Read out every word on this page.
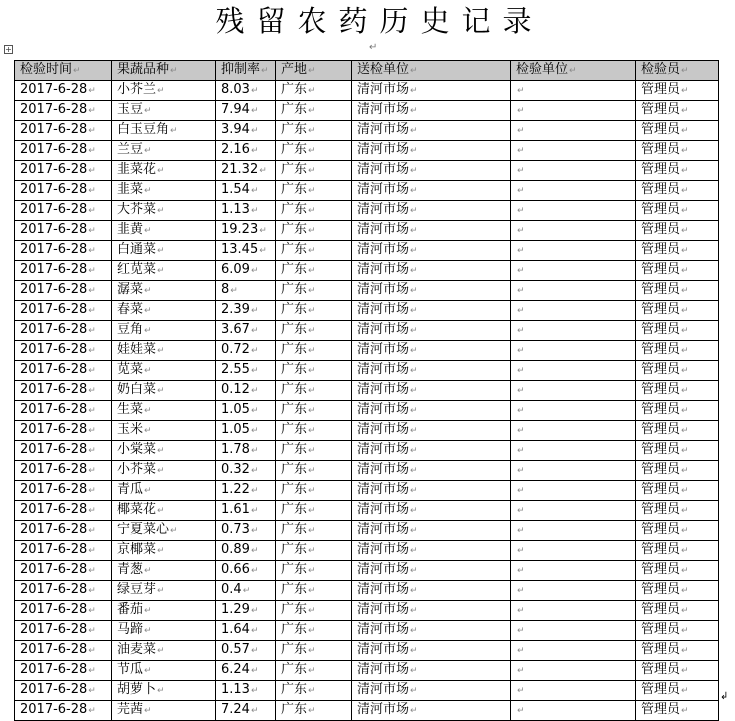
残留农药历史记录
+	↵
检验时间↵	果蔬品种↵	抑制率↵	产地↵	送检单位↵	检验单位↵	检验员↵
2017-6-28↵	小芥兰↵	8.03↵	广东↵	清河市场↵	↵	管理员↵
2017-6-28↵	玉豆↵	7.94↵	广东↵	清河市场↵	↵	管理员↵
2017-6-28↵	白玉豆角↵	3.94↵	广东↵	清河市场↵	↵	管理员↵
2017-6-28↵	兰豆↵	2.16↵	广东↵	清河市场↵	↵	管理员↵
2017-6-28↵	韭菜花↵	21.32↵	广东↵	清河市场↵	↵	管理员↵
2017-6-28↵	韭菜↵	1.54↵	广东↵	清河市场↵	↵	管理员↵
2017-6-28↵	大芥菜↵	1.13↵	广东↵	清河市场↵	↵	管理员↵
2017-6-28↵	韭黄↵	19.23↵	广东↵	清河市场↵	↵	管理员↵
2017-6-28↵	白通菜↵	13.45↵	广东↵	清河市场↵	↵	管理员↵
2017-6-28↵	红苋菜↵	6.09↵	广东↵	清河市场↵	↵	管理员↵
2017-6-28↵	潺菜↵	8↵	广东↵	清河市场↵	↵	管理员↵
2017-6-28↵	春菜↵	2.39↵	广东↵	清河市场↵	↵	管理员↵
2017-6-28↵	豆角↵	3.67↵	广东↵	清河市场↵	↵	管理员↵
2017-6-28↵	娃娃菜↵	0.72↵	广东↵	清河市场↵	↵	管理员↵
2017-6-28↵	苋菜↵	2.55↵	广东↵	清河市场↵	↵	管理员↵
2017-6-28↵	奶白菜↵	0.12↵	广东↵	清河市场↵	↵	管理员↵
2017-6-28↵	生菜↵	1.05↵	广东↵	清河市场↵	↵	管理员↵
2017-6-28↵	玉米↵	1.05↵	广东↵	清河市场↵	↵	管理员↵
2017-6-28↵	小棠菜↵	1.78↵	广东↵	清河市场↵	↵	管理员↵
2017-6-28↵	小芥菜↵	0.32↵	广东↵	清河市场↵	↵	管理员↵
2017-6-28↵	青瓜↵	1.22↵	广东↵	清河市场↵	↵	管理员↵
2017-6-28↵	椰菜花↵	1.61↵	广东↵	清河市场↵	↵	管理员↵
2017-6-28↵	宁夏菜心↵	0.73↵	广东↵	清河市场↵	↵	管理员↵
2017-6-28↵	京椰菜↵	0.89↵	广东↵	清河市场↵	↵	管理员↵
2017-6-28↵	青葱↵	0.66↵	广东↵	清河市场↵	↵	管理员↵
2017-6-28↵	绿豆芽↵	0.4↵	广东↵	清河市场↵	↵	管理员↵
2017-6-28↵	番茄↵	1.29↵	广东↵	清河市场↵	↵	管理员↵
2017-6-28↵	马蹄↵	1.64↵	广东↵	清河市场↵	↵	管理员↵
2017-6-28↵	油麦菜↵	0.57↵	广东↵	清河市场↵	↵	管理员↵
2017-6-28↵	节瓜↵	6.24↵	广东↵	清河市场↵	↵	管理员↵
2017-6-28↵	胡萝卜↵	1.13↵	广东↵	清河市场↵	↵	管理员↵
2017-6-28↵	芫茜↵	7.24↵	广东↵	清河市场↵	↵	管理员↵
↲
